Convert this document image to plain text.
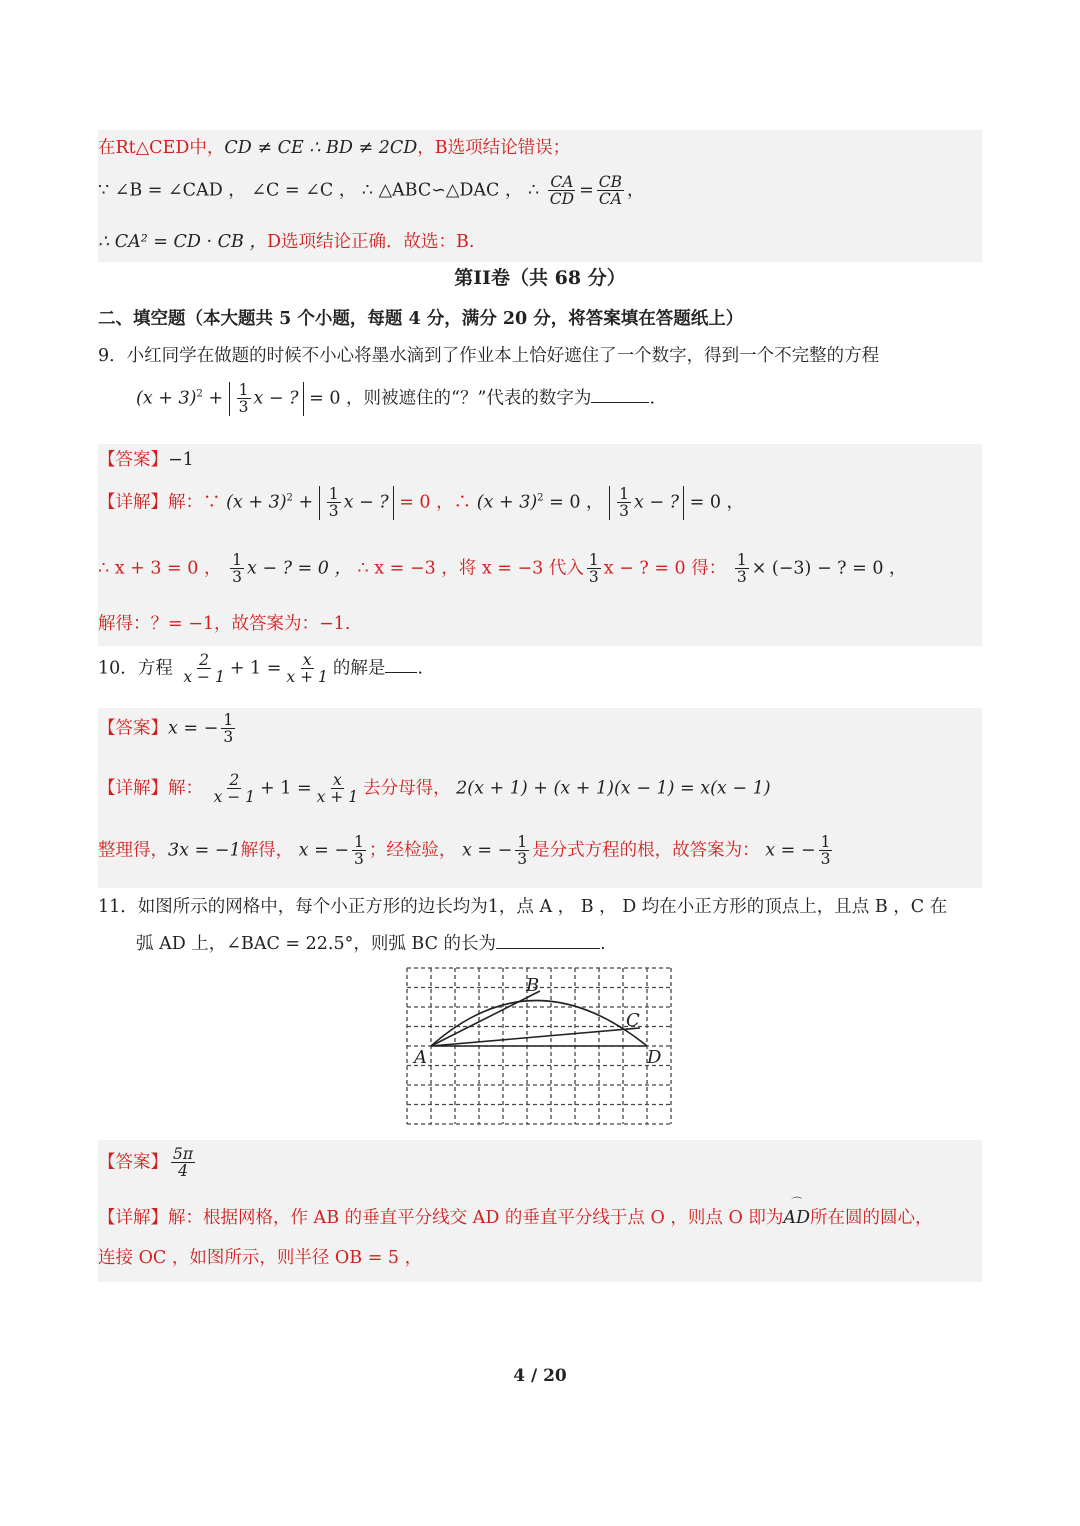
在Rt△CED中，CD ≠ CE ∴ BD ≠ 2CD，B选项结论错误；
∵ ∠B = ∠CAD ， ∠C = ∠C ， ∴ △ABC∽△DAC ， ∴ $\frac{CA}{CD} = \frac{CB}{CA}$ ，
∴ CA² = CD · CB ，D选项结论正确．故选：B.
第II卷（共 68 分）
二、填空题（本大题共 5 个小题，每题 4 分，满分 20 分，将答案填在答题纸上）
9．小红同学在做题的时候不小心将墨水滴到了作业本上恰好遮住了一个数字，得到一个不完整的方程
$(x + 3)^2 + \frac{1}{3}$ x − ? = 0 ，则被遮住的“？”代表的数字为	.
【答案】−1
【详解】解：∵ $(x + 3)^2 + \frac{1}{3}$ x − ? = 0 ，∴ $(x + 3)^2 = 0$ ， $\frac{1}{3}$ x − ? = 0 ，
∴ x + 3 = 0 ， $\frac{1}{3}$ x − ? = 0 ， ∴ x = −3 ，将 x = −3 代入 $\frac{1}{3}$ x − ? = 0 得： $\frac{1}{3} \times (-3)$ − ? = 0 ，
解得：？= −1，故答案为：−1.
10．方程 $\frac{2}{x - 1} + 1 = \frac{x}{x + 1}$ 的解是 .
【答案】x = − $\frac{1}{3}$
【详解】解： $\frac{2}{x - 1} + 1 = \frac{x}{x + 1}$ 去分母得， 2(x + 1) + (x + 1)(x − 1) = x(x − 1)
整理得，3x = −1解得， x = − $\frac{1}{3}$ ；经检验， x = − $\frac{1}{3}$ 是分式方程的根，故答案为： x = − $\frac{1}{3}$
11．如图所示的网格中，每个小正方形的边长均为1，点 A ， B ， D 均在小正方形的顶点上，且点 B ，C 在
弧 AD 上，∠BAC = 22.5°，则弧 BC 的长为	.
A
B
C
D
【答案】 $\frac{5\pi}{4}$
【详解】解：根据网格，作 AB 的垂直平分线交 AD 的垂直平分线于点 O ，则点 O 即为
⌒
AD所在圆的圆心，
连接 OC ，如图所示，则半径 OB = 5 ，
4 / 20
